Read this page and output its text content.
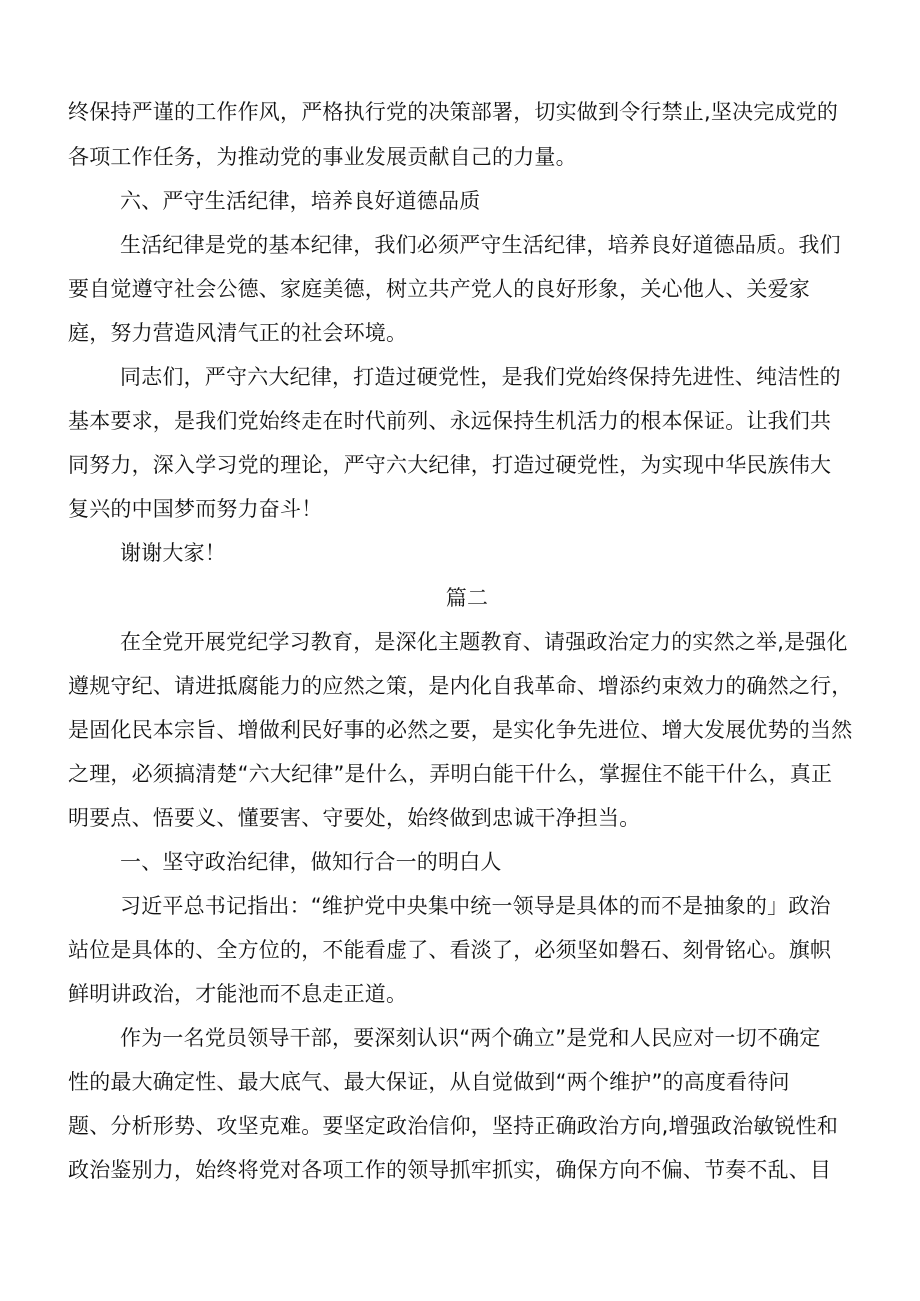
终保持严谨的工作作风，严格执行党的决策部署，切实做到令行禁止,坚决完成党的
各项工作任务，为推动党的事业发展贡献自己的力量。
六、严守生活纪律，培养良好道德品质
生活纪律是党的基本纪律，我们必须严守生活纪律，培养良好道德品质。我们
要自觉遵守社会公德、家庭美德，树立共产党人的良好形象，关心他人、关爱家
庭，努力营造风清气正的社会环境。
同志们，严守六大纪律，打造过硬党性，是我们党始终保持先进性、纯洁性的
基本要求，是我们党始终走在时代前列、永远保持生机活力的根本保证。让我们共
同努力，深入学习党的理论，严守六大纪律，打造过硬党性，为实现中华民族伟大
复兴的中国梦而努力奋斗！
谢谢大家！
篇二
在全党开展党纪学习教育，是深化主题教育、请强政治定力的实然之举,是强化
遵规守纪、请进抵腐能力的应然之策，是内化自我革命、增添约束效力的确然之行，
是固化民本宗旨、增做利民好事的必然之要，是实化争先进位、增大发展优势的当然
之理，必须搞清楚“六大纪律”是什么，弄明白能干什么，掌握住不能干什么，真正
明要点、悟要义、懂要害、守要处，始终做到忠诚干净担当。
一、坚守政治纪律，做知行合一的明白人
习近平总书记指出：“维护党中央集中统一领导是具体的而不是抽象的」政治
站位是具体的、全方位的，不能看虚了、看淡了，必须坚如磐石、刻骨铭心。旗帜
鲜明讲政治，才能池而不息走正道。
作为一名党员领导干部，要深刻认识“两个确立”是党和人民应对一切不确定
性的最大确定性、最大底气、最大保证，从自觉做到“两个维护”的高度看待问
题、分析形势、攻坚克难。要坚定政治信仰，坚持正确政治方向,增强政治敏锐性和
政治鉴别力，始终将党对各项工作的领导抓牢抓实，确保方向不偏、节奏不乱、目
